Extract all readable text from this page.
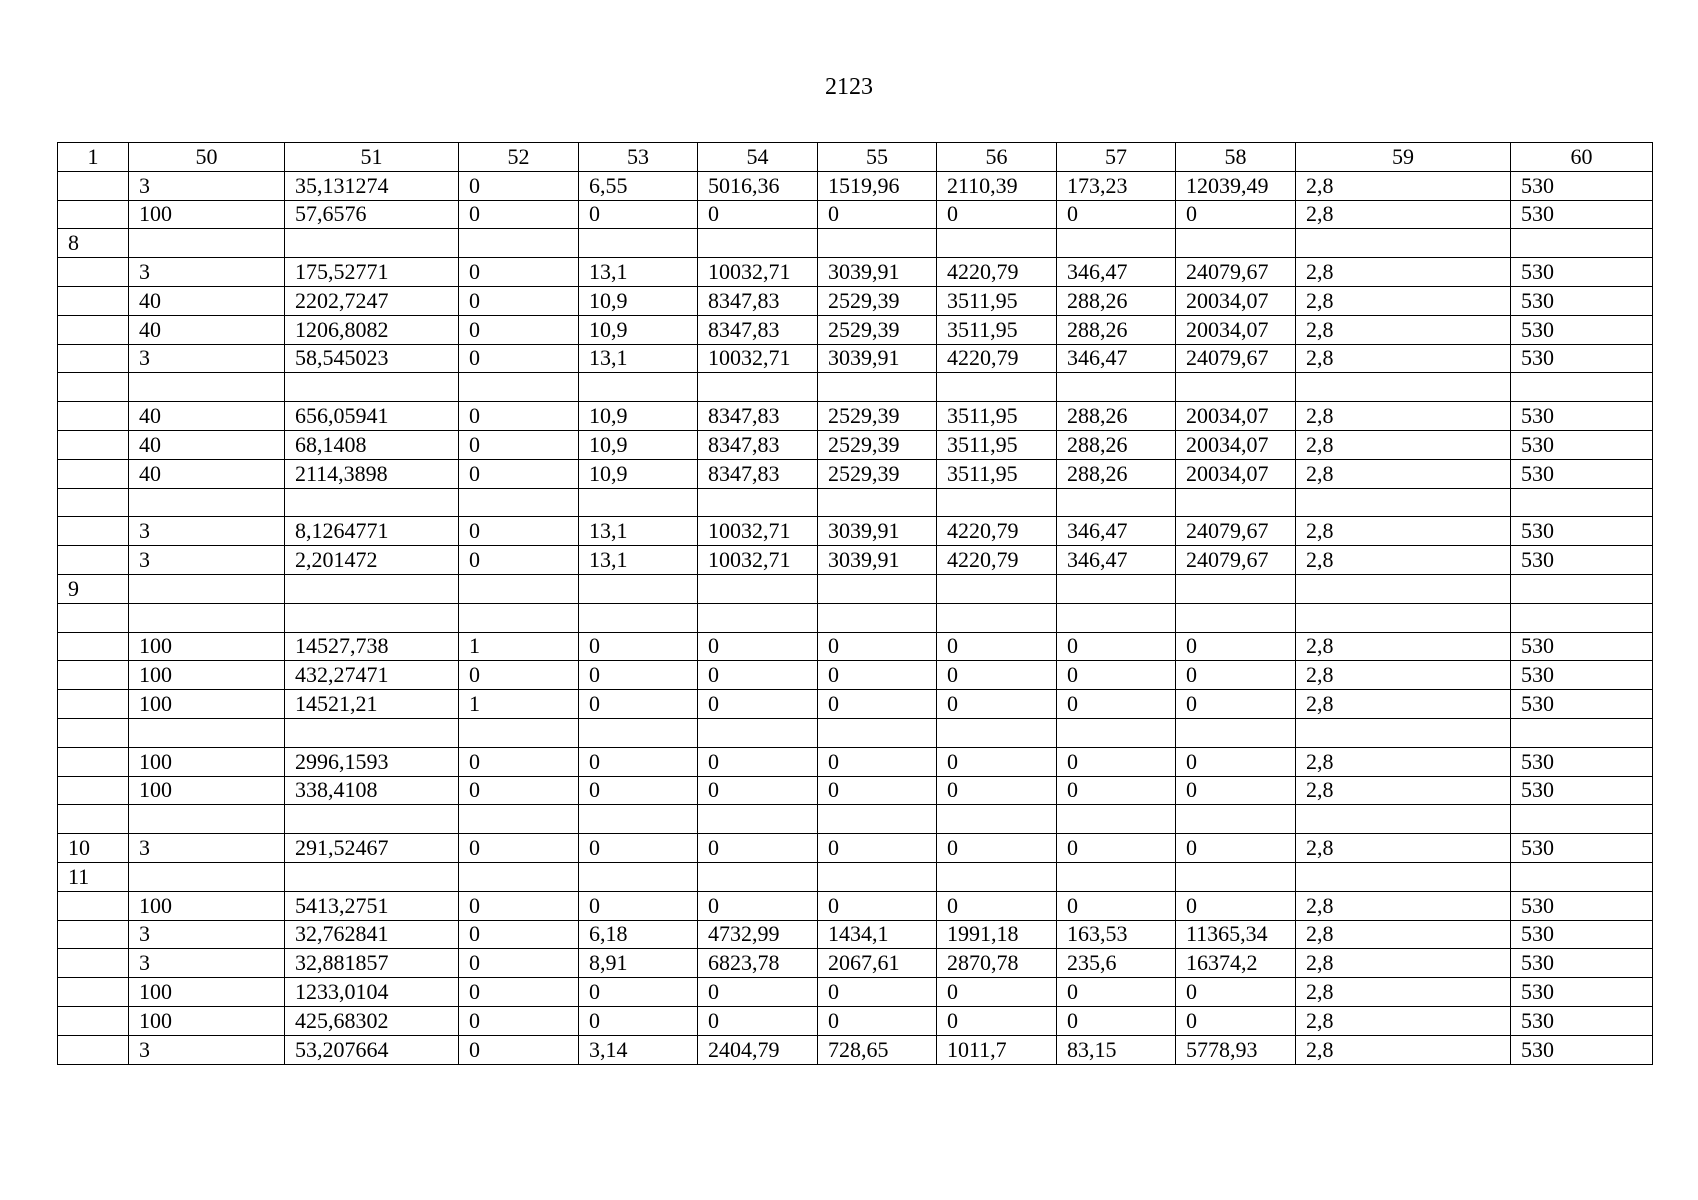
2123
1	50	51	52	53	54	55	56	57	58	59	60
	3	35,131274	0	6,55	5016,36	1519,96	2110,39	173,23	12039,49	2,8	530
	100	57,6576	0	0	0	0	0	0	0	2,8	530
8											
	3	175,52771	0	13,1	10032,71	3039,91	4220,79	346,47	24079,67	2,8	530
	40	2202,7247	0	10,9	8347,83	2529,39	3511,95	288,26	20034,07	2,8	530
	40	1206,8082	0	10,9	8347,83	2529,39	3511,95	288,26	20034,07	2,8	530
	3	58,545023	0	13,1	10032,71	3039,91	4220,79	346,47	24079,67	2,8	530

	40	656,05941	0	10,9	8347,83	2529,39	3511,95	288,26	20034,07	2,8	530
	40	68,1408	0	10,9	8347,83	2529,39	3511,95	288,26	20034,07	2,8	530
	40	2114,3898	0	10,9	8347,83	2529,39	3511,95	288,26	20034,07	2,8	530

	3	8,1264771	0	13,1	10032,71	3039,91	4220,79	346,47	24079,67	2,8	530
	3	2,201472	0	13,1	10032,71	3039,91	4220,79	346,47	24079,67	2,8	530
9											

	100	14527,738	1	0	0	0	0	0	0	2,8	530
	100	432,27471	0	0	0	0	0	0	0	2,8	530
	100	14521,21	1	0	0	0	0	0	0	2,8	530

	100	2996,1593	0	0	0	0	0	0	0	2,8	530
	100	338,4108	0	0	0	0	0	0	0	2,8	530

10	3	291,52467	0	0	0	0	0	0	0	2,8	530
11											
	100	5413,2751	0	0	0	0	0	0	0	2,8	530
	3	32,762841	0	6,18	4732,99	1434,1	1991,18	163,53	11365,34	2,8	530
	3	32,881857	0	8,91	6823,78	2067,61	2870,78	235,6	16374,2	2,8	530
	100	1233,0104	0	0	0	0	0	0	0	2,8	530
	100	425,68302	0	0	0	0	0	0	0	2,8	530
	3	53,207664	0	3,14	2404,79	728,65	1011,7	83,15	5778,93	2,8	530
